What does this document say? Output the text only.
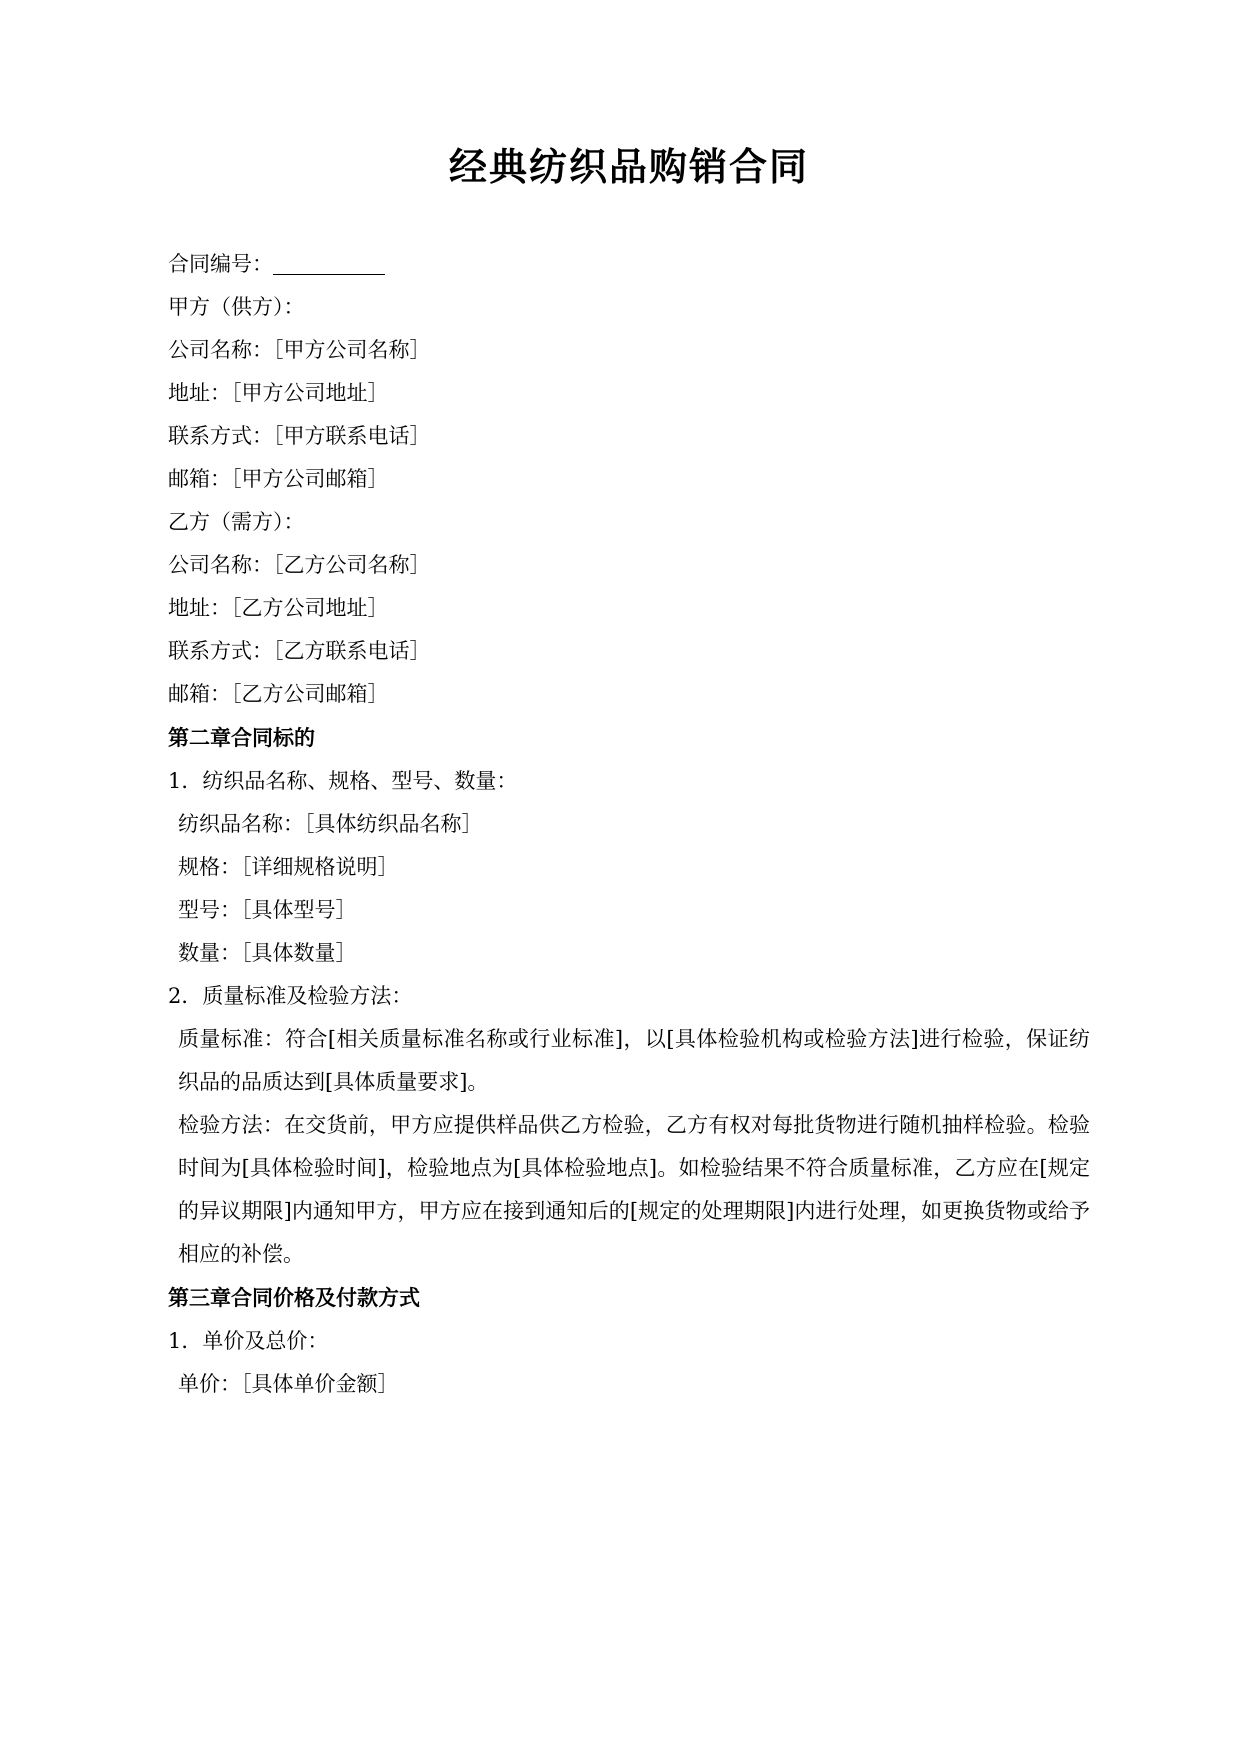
经典纺织品购销合同
合同编号：
甲方（供方）：
公司名称：［甲方公司名称］
地址：［甲方公司地址］
联系方式：［甲方联系电话］
邮箱：［甲方公司邮箱］
乙方（需方）：
公司名称：［乙方公司名称］
地址：［乙方公司地址］
联系方式：［乙方联系电话］
邮箱：［乙方公司邮箱］
第二章合同标的
1．纺织品名称、规格、型号、数量：
纺织品名称：［具体纺织品名称］
规格：［详细规格说明］
型号：［具体型号］
数量：［具体数量］
2．质量标准及检验方法：
质量标准：符合[相关质量标准名称或行业标准]，以[具体检验机构或检验方法]进行检验，保证纺织品的品质达到[具体质量要求]。
检验方法：在交货前，甲方应提供样品供乙方检验，乙方有权对每批货物进行随机抽样检验。检验时间为[具体检验时间]，检验地点为[具体检验地点]。如检验结果不符合质量标准，乙方应在[规定的异议期限]内通知甲方，甲方应在接到通知后的[规定的处理期限]内进行处理，如更换货物或给予相应的补偿。
第三章合同价格及付款方式
1．单价及总价：
单价：［具体单价金额］
